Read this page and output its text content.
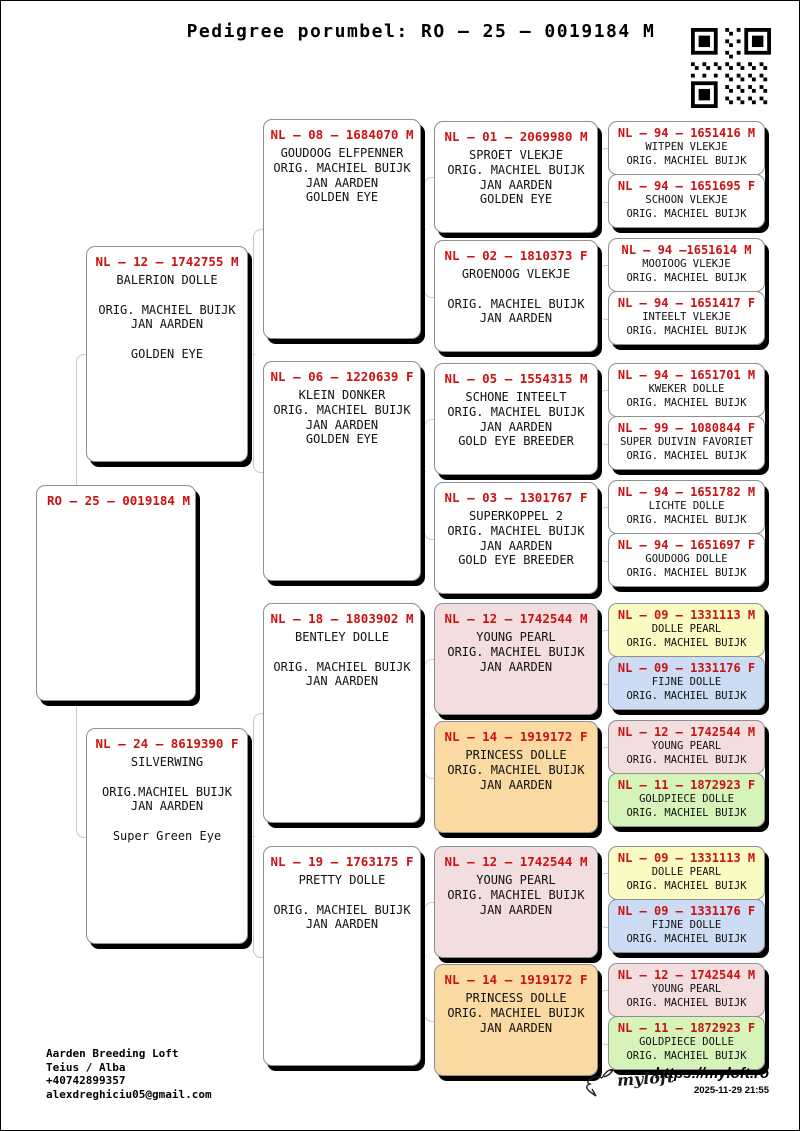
Pedigree porumbel: RO – 25 – 0019184 M
RO – 25 – 0019184 M
NL – 12 – 1742755 M
BALERION DOLLE
ORIG. MACHIEL BUIJK
JAN AARDEN
GOLDEN EYE
NL – 24 – 8619390 F
SILVERWING
ORIG.MACHIEL BUIJK
JAN AARDEN
Super Green Eye
NL – 08 – 1684070 M
GOUDOOG ELFPENNER
ORIG. MACHIEL BUIJK
JAN AARDEN
GOLDEN EYE
NL – 06 – 1220639 F
KLEIN DONKER
ORIG. MACHIEL BUIJK
JAN AARDEN
GOLDEN EYE
NL – 18 – 1803902 M
BENTLEY DOLLE
ORIG. MACHIEL BUIJK
JAN AARDEN
NL – 19 – 1763175 F
PRETTY DOLLE
ORIG. MACHIEL BUIJK
JAN AARDEN
NL – 01 – 2069980 M
SPROET VLEKJE
ORIG. MACHIEL BUIJK
JAN AARDEN
GOLDEN EYE
NL – 02 – 1810373 F
GROENOOG VLEKJE
ORIG. MACHIEL BUIJK
JAN AARDEN
NL – 05 – 1554315 M
SCHONE INTEELT
ORIG. MACHIEL BUIJK
JAN AARDEN
GOLD EYE BREEDER
NL – 03 – 1301767 F
SUPERKOPPEL 2
ORIG. MACHIEL BUIJK
JAN AARDEN
GOLD EYE BREEDER
NL – 12 – 1742544 M
YOUNG PEARL
ORIG. MACHIEL BUIJK
JAN AARDEN
NL – 14 – 1919172 F
PRINCESS DOLLE
ORIG. MACHIEL BUIJK
JAN AARDEN
NL – 12 – 1742544 M
YOUNG PEARL
ORIG. MACHIEL BUIJK
JAN AARDEN
NL – 14 – 1919172 F
PRINCESS DOLLE
ORIG. MACHIEL BUIJK
JAN AARDEN
NL – 94 – 1651416 M
WITPEN VLEKJE
ORIG. MACHIEL BUIJK
NL – 94 – 1651695 F
SCHOON VLEKJE
ORIG. MACHIEL BUIJK
NL – 94 –1651614 M
MOOIOOG VLEKJE
ORIG. MACHIEL BUIJK
NL – 94 – 1651417 F
INTEELT VLEKJE
ORIG. MACHIEL BUIJK
NL – 94 – 1651701 M
KWEKER DOLLE
ORIG. MACHIEL BUIJK
NL – 99 – 1080844 F
SUPER DUIVIN FAVORIET
ORIG. MACHIEL BUIJK
NL – 94 – 1651782 M
LICHTE DOLLE
ORIG. MACHIEL BUIJK
NL – 94 – 1651697 F
GOUDOOG DOLLE
ORIG. MACHIEL BUIJK
NL – 09 – 1331113 M
DOLLE PEARL
ORIG. MACHIEL BUIJK
NL – 09 – 1331176 F
FIJNE DOLLE
ORIG. MACHIEL BUIJK
NL – 12 – 1742544 M
YOUNG PEARL
ORIG. MACHIEL BUIJK
NL – 11 – 1872923 F
GOLDPIECE DOLLE
ORIG. MACHIEL BUIJK
NL – 09 – 1331113 M
DOLLE PEARL
ORIG. MACHIEL BUIJK
NL – 09 – 1331176 F
FIJNE DOLLE
ORIG. MACHIEL BUIJK
NL – 12 – 1742544 M
YOUNG PEARL
ORIG. MACHIEL BUIJK
NL – 11 – 1872923 F
GOLDPIECE DOLLE
ORIG. MACHIEL BUIJK
Aarden Breeding Loft
Teius / Alba
+40742899357
alexdreghiciu05@gmail.com
myloft
https://myloft.ro
2025-11-29 21:55
